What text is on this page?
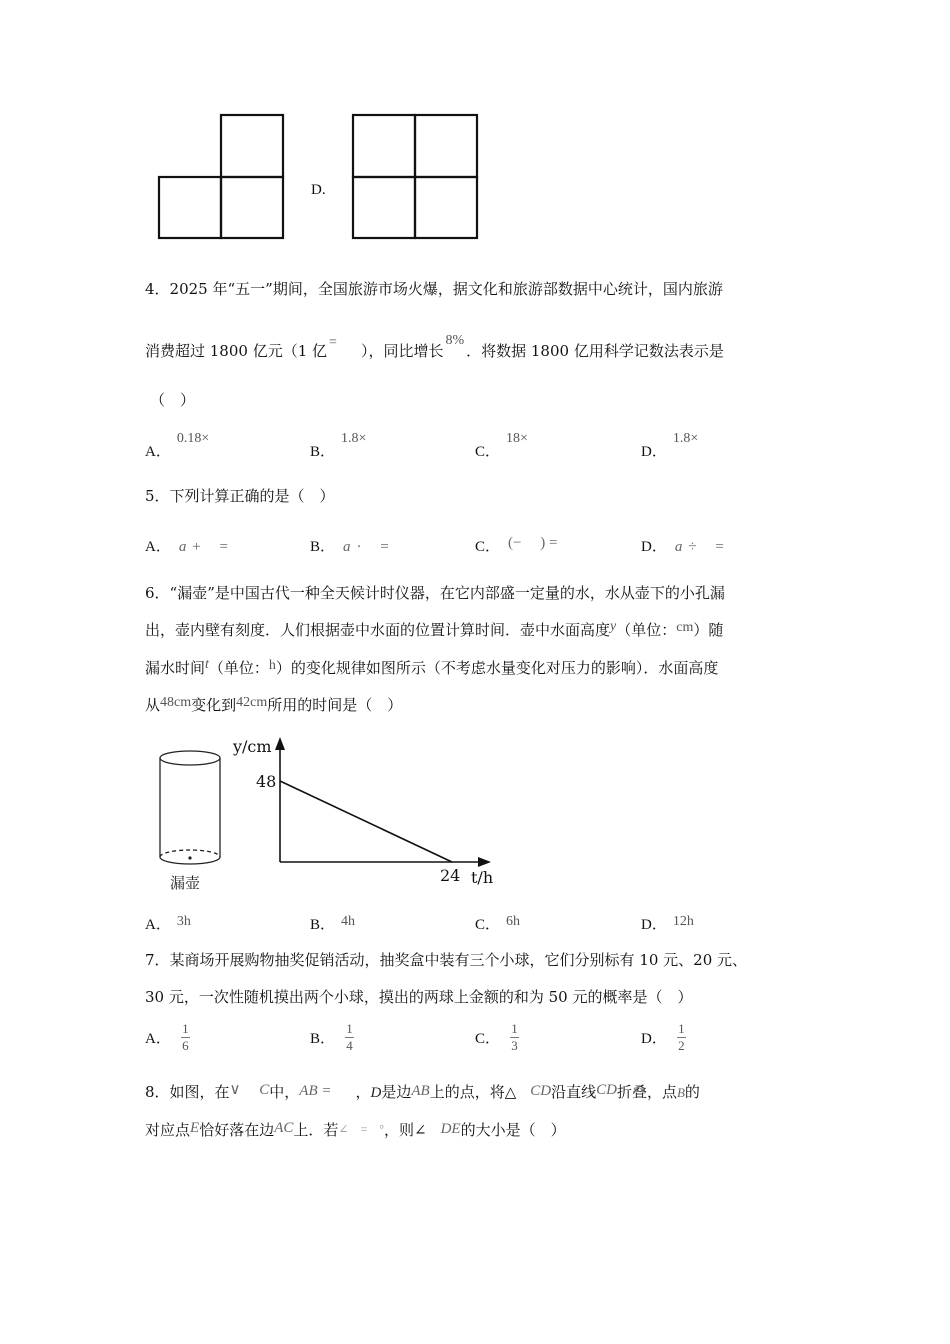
D.
4．2025 年“五一”期间，全国旅游市场火爆，据文化和旅游部数据中心统计，国内旅游
消费超过 1800 亿元（1 亿 = ），同比增长8%．将数据 1800 亿用科学记数法表示是
（　）
A．0.18×
B．1.8×
C．18×
D．1.8×
5．下列计算正确的是（　）
A． a +　 =	B． a ·　 =	C． (−　 ) =	D． a ÷　 =
6．“漏壶”是中国古代一种全天候计时仪器，在它内部盛一定量的水，水从壶下的小孔漏
出，壶内壁有刻度．人们根据壶中水面的位置计算时间．壶中水面高度y（单位：cm）随
漏水时间t（单位：h）的变化规律如图所示（不考虑水量变化对压力的影响）．水面高度
从48cm变化到42cm所用的时间是（　）
漏壶
y/cm
48
24 t/h
A． 3h	B． 4h	C． 6h	D． 12h
7．某商场开展购物抽奖促销活动，抽奖盒中装有三个小球，它们分别标有 10 元、20 元、
30 元，一次性随机摸出两个小球，摸出的两球上金额的和为 50 元的概率是（　）
A． $\frac{1}{6}$	B． $\frac{1}{4}$	C． $\frac{1}{3}$	D． $\frac{1}{2}$
8．如图，在∨　 C中，AB = ，D是边AB上的点，将△ CD沿直线CD折叠，点B的
对应点E恰好落在边AC上．若∠　=　°，则∠ DE的大小是（　）
